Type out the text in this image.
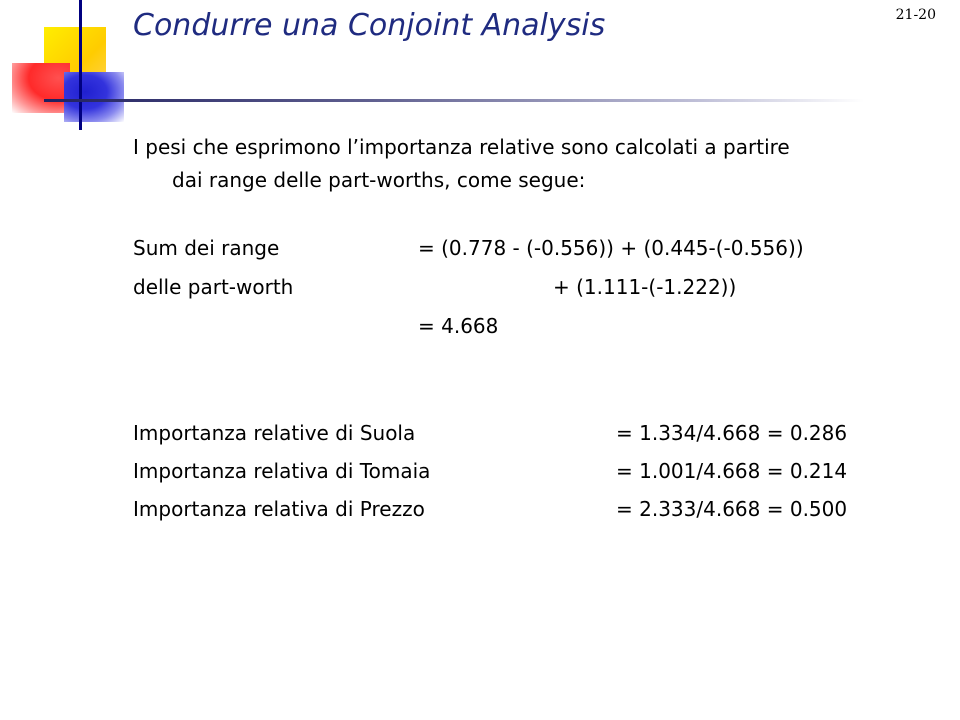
Condurre una Conjoint Analysis	21-20
I pesi che esprimono l’importanza relative sono calcolati a partire
dai range delle part-worths, come segue:
Sum dei range	= (0.778 - (-0.556)) + (0.445-(-0.556))
delle part-worth	+ (1.111-(-1.222))
= 4.668
Importanza relative di Suola	= 1.334/4.668 = 0.286
Importanza relativa di Tomaia	= 1.001/4.668 = 0.214
Importanza relativa di Prezzo	= 2.333/4.668 = 0.500
